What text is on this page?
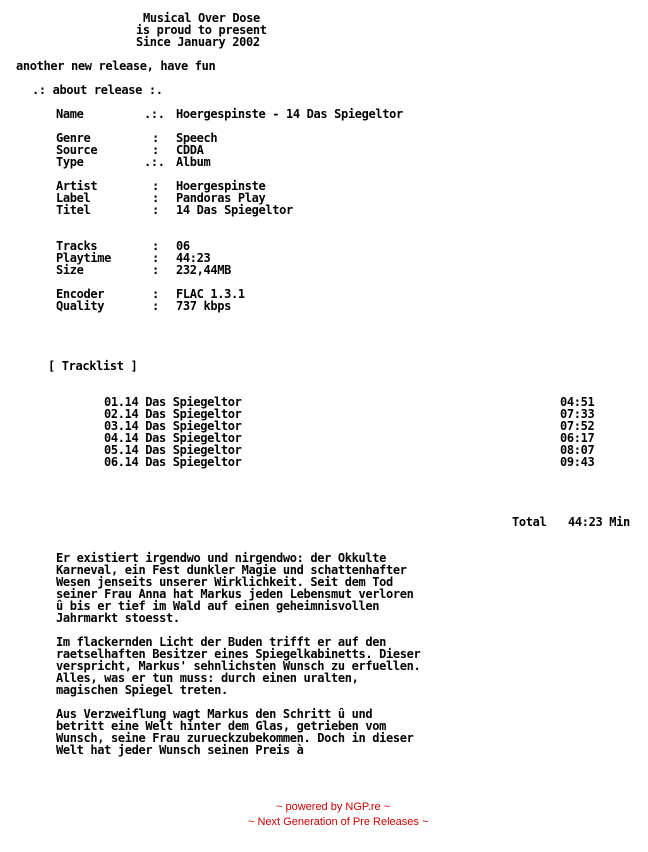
Musical Over Dose
is proud to present
Since January 2002
another new release, have fun
.: about release :.
Name	.:. Hoergespinste - 14 Das Spiegeltor
Genre	: Speech
Source	: CDDA
Type	.:. Album
Artist	: Hoergespinste
Label	: Pandoras Play
Titel	: 14 Das Spiegeltor
Tracks	: 06
Playtime	: 44:23
Size	: 232,44MB
Encoder	: FLAC 1.3.1
Quality	: 737 kbps
[ Tracklist ]
01.14 Das Spiegeltor	04:51
02.14 Das Spiegeltor	07:33
03.14 Das Spiegeltor	07:52
04.14 Das Spiegeltor	06:17
05.14 Das Spiegeltor	08:07
06.14 Das Spiegeltor	09:43
Total 44:23 Min
Er existiert irgendwo und nirgendwo: der Okkulte
Karneval, ein Fest dunkler Magie und schattenhafter
Wesen jenseits unserer Wirklichkeit. Seit dem Tod
seiner Frau Anna hat Markus jeden Lebensmut verloren
û bis er tief im Wald auf einen geheimnisvollen
Jahrmarkt stoesst.
Im flackernden Licht der Buden trifft er auf den
raetselhaften Besitzer eines Spiegelkabinetts. Dieser
verspricht, Markus' sehnlichsten Wunsch zu erfuellen.
Alles, was er tun muss: durch einen uralten,
magischen Spiegel treten.
Aus Verzweiflung wagt Markus den Schritt û und
betritt eine Welt hinter dem Glas, getrieben vom
Wunsch, seine Frau zurueckzubekommen. Doch in dieser
Welt hat jeder Wunsch seinen Preis à
~ powered by NGP.re ~
~ Next Generation of Pre Releases ~
